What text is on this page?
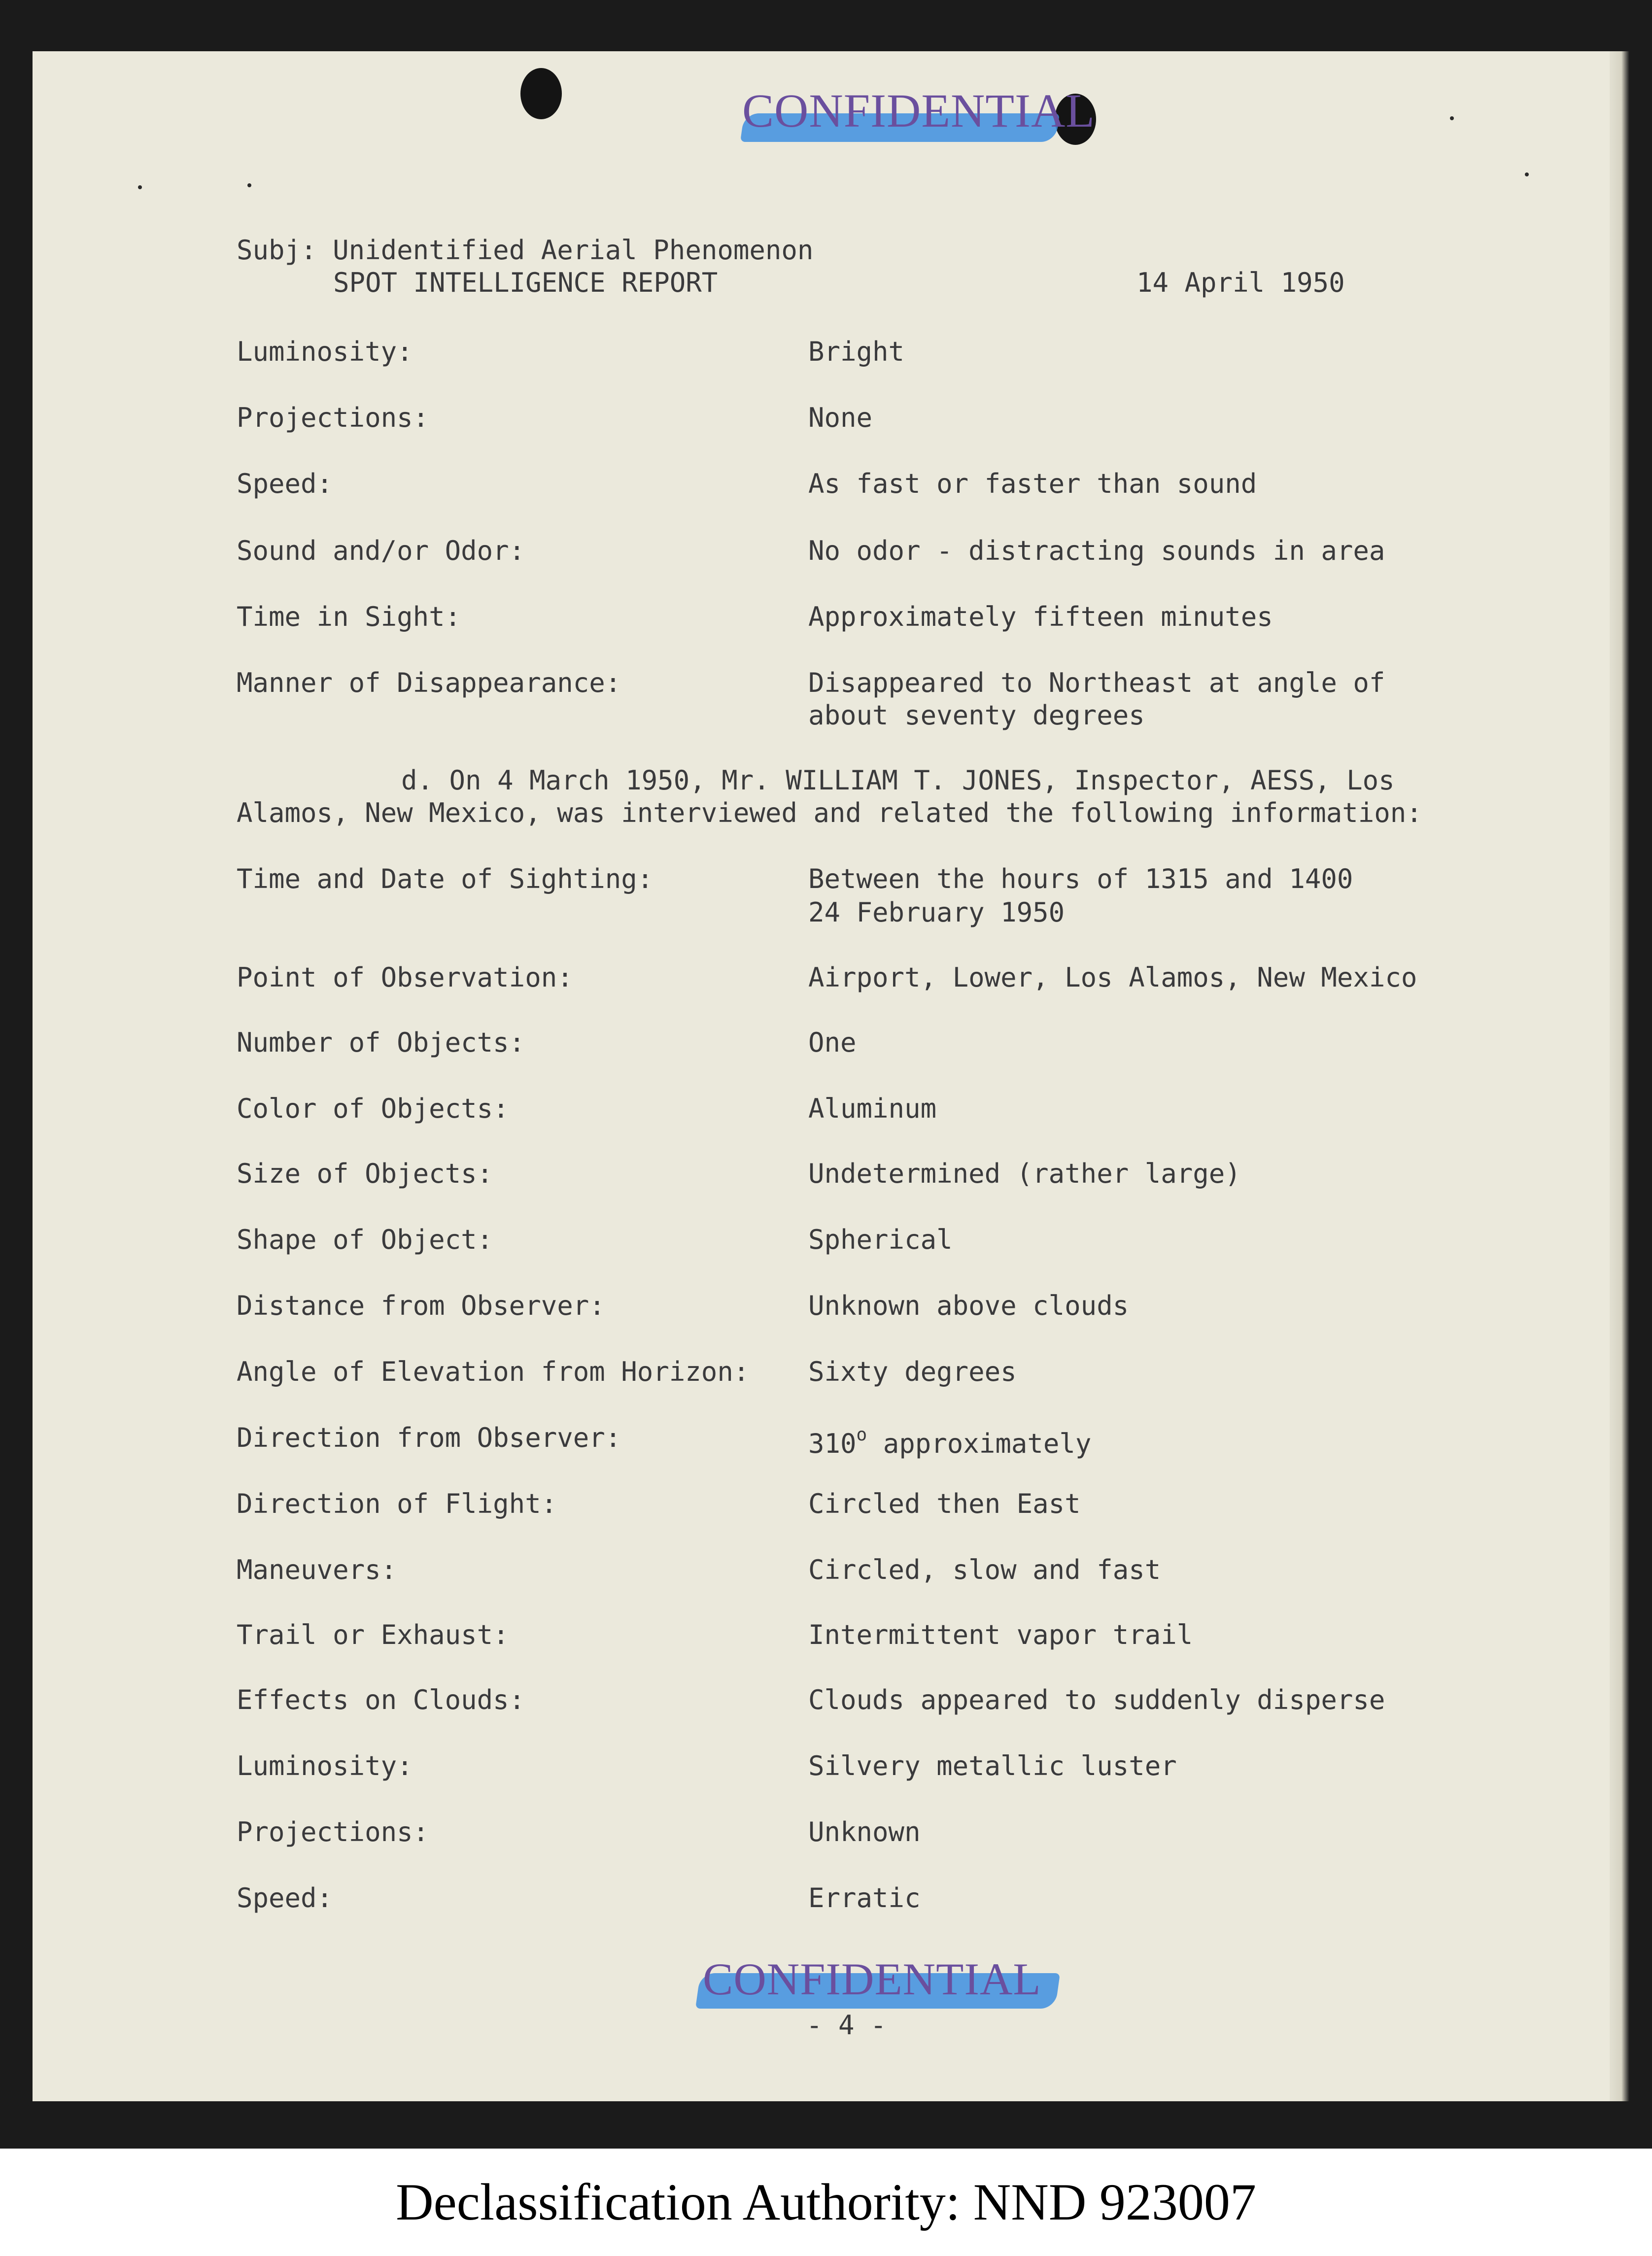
CONFIDENTIAL
Subj: Unidentified Aerial Phenomenon
SPOT INTELLIGENCE REPORT	14 April 1950
Luminosity:	Bright
Projections:	None
Speed:	As fast or faster than sound
Sound and/or Odor:	No odor - distracting sounds in area
Time in Sight:	Approximately fifteen minutes
Manner of Disappearance:	Disappeared to Northeast at angle of
about seventy degrees
d. On 4 March 1950, Mr. WILLIAM T. JONES, Inspector, AESS, Los
Alamos, New Mexico, was interviewed and related the following information:
Time and Date of Sighting:	Between the hours of 1315 and 1400
24 February 1950
Point of Observation:	Airport, Lower, Los Alamos, New Mexico
Number of Objects:	One
Color of Objects:	Aluminum
Size of Objects:	Undetermined (rather large)
Shape of Object:	Spherical
Distance from Observer:	Unknown above clouds
Angle of Elevation from Horizon: Sixty degrees
Direction from Observer:	310$^o$ approximately
Direction of Flight:	Circled then East
Maneuvers:	Circled, slow and fast
Trail or Exhaust:	Intermittent vapor trail
Effects on Clouds:	Clouds appeared to suddenly disperse
Luminosity:	Silvery metallic luster
Projections:	Unknown
Speed:	Erratic
CONFIDENTIAL
- 4 -
Declassification Authority: NND 923007
